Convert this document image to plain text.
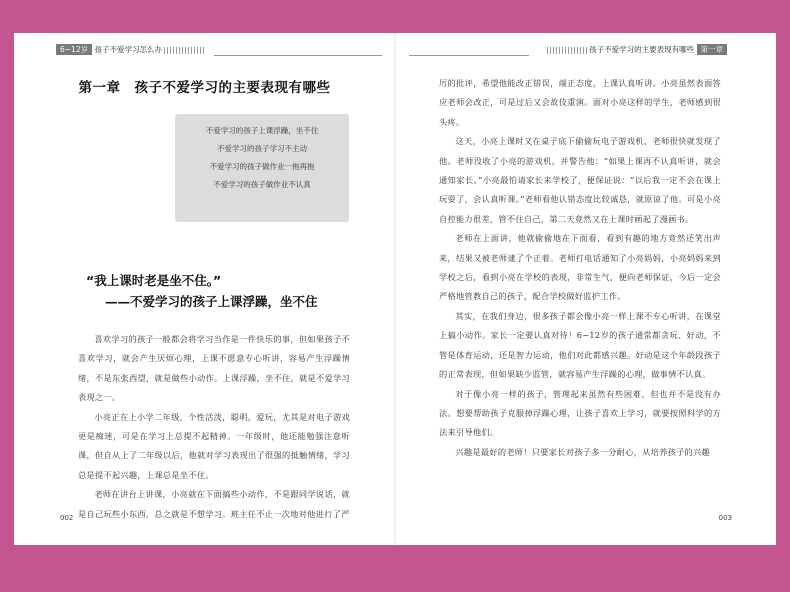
6~12岁 孩子不爱学习怎么办
第一章　孩子不爱学习的主要表现有哪些
不爱学习的孩子上课浮躁，坐不住
不爱学习的孩子学习不主动
不爱学习的孩子做作业一拖再拖
不爱学习的孩子做作业不认真
“我上课时老是坐不住。”
——不爱学习的孩子上课浮躁，坐不住

喜欢学习的孩子一般都会将学习当作是一件快乐的事，但如果孩子不喜欢学习，就会产生厌烦心理，上课不愿意专心听讲，容易产生浮躁情绪，不是东张西望，就是做些小动作。上课浮躁，坐不住，就是不爱学习表现之一。

小亮正在上小学二年级，个性活泼，聪明，爱玩，尤其是对电子游戏更是痴迷，可是在学习上总提不起精神。一年级时，他还能勉强注意听课，但自从上了二年级以后，他就对学习表现出了很强的抵触情绪，学习总是提不起兴趣，上课总是坐不住。

老师在讲台上讲课，小亮就在下面搞些小动作，不是跟同学说话，就是自己玩些小东西，总之就是不想学习。班主任不止一次地对他进行了严

002
孩子不爱学习的主要表现有哪些 第一章

厉的批评，希望他能改正错误，端正态度，上课认真听讲。小亮虽然表面答应老师会改正，可是过后又会故伎重演。面对小亮这样的学生，老师感到很头疼。

这天，小亮上课时又在桌子底下偷偷玩电子游戏机，老师很快就发现了他。老师没收了小亮的游戏机，并警告他：“如果上课再不认真听讲，就会通知家长。”小亮最怕请家长来学校了，便保证说：“以后我一定不会在课上玩耍了，会认真听课。”老师看他认错态度比较诚恳，就原谅了他。可是小亮自控能力很差，管不住自己，第二天竟然又在上课时画起了漫画书。

老师在上面讲，他就偷偷地在下面看，看到有趣的地方竟然还笑出声来，结果又被老师逮了个正着。老师打电话通知了小亮妈妈，小亮妈妈来到学校之后，看到小亮在学校的表现，非常生气，便向老师保证，今后一定会严格地管教自己的孩子，配合学校做好监护工作。

其实，在我们身边，很多孩子都会像小亮一样上课不专心听讲，在课堂上搞小动作。家长一定要认真对待！6~12岁的孩子通常都贪玩、好动，不管是体育运动，还是智力运动，他们对此都感兴趣。好动是这个年龄段孩子的正常表现，但如果缺少监管，就容易产生浮躁的心理，做事情不认真。

对于像小亮一样的孩子，管理起来虽然有些困难，但也并不是没有办法。想要帮助孩子克服掉浮躁心理，让孩子喜欢上学习，就要按照科学的方法来引导他们。

兴趣是最好的老师！只要家长对孩子多一分耐心，从培养孩子的兴趣

003
